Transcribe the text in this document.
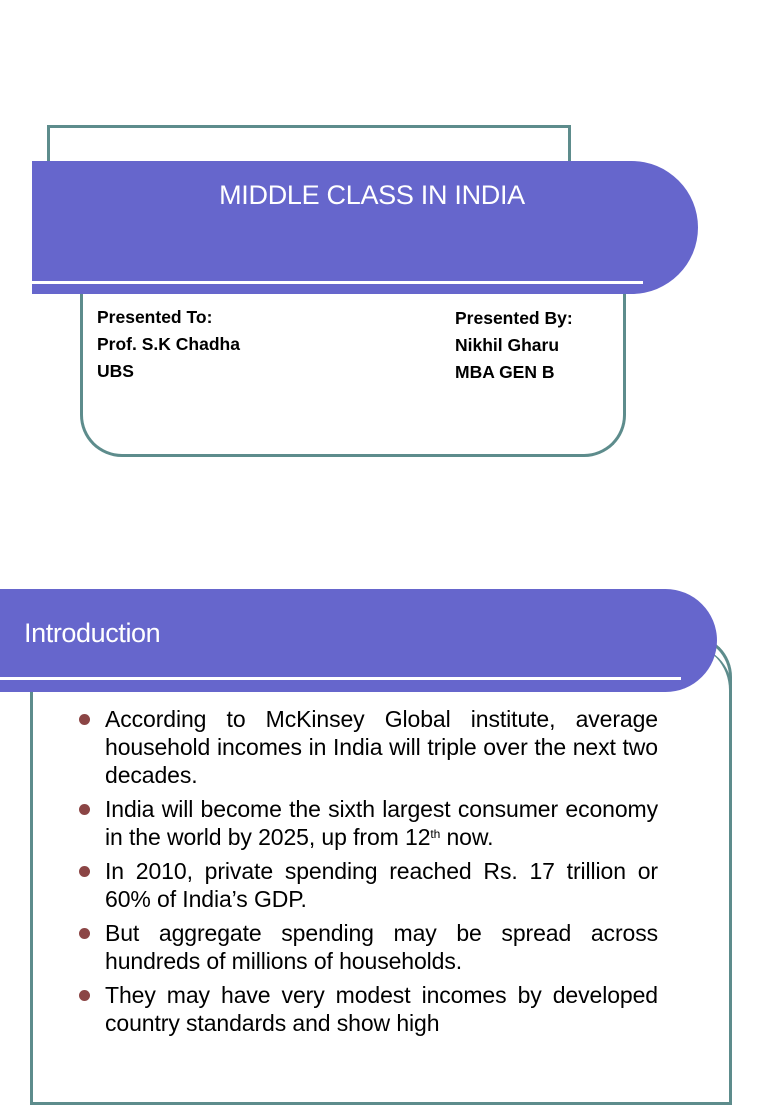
MIDDLE CLASS IN INDIA
Presented To:
Prof. S.K Chadha
UBS
Presented By:
Nikhil Gharu
MBA GEN B
Introduction
According to McKinsey Global institute, average household incomes in India will triple over the next two decades.
India will become the sixth largest consumer economy in the world by 2025, up from 12th now.
In 2010, private spending reached Rs. 17 trillion or 60% of India’s GDP.
But aggregate spending may be spread across hundreds of millions of households.
They may have very modest incomes by developed country standards and show high
